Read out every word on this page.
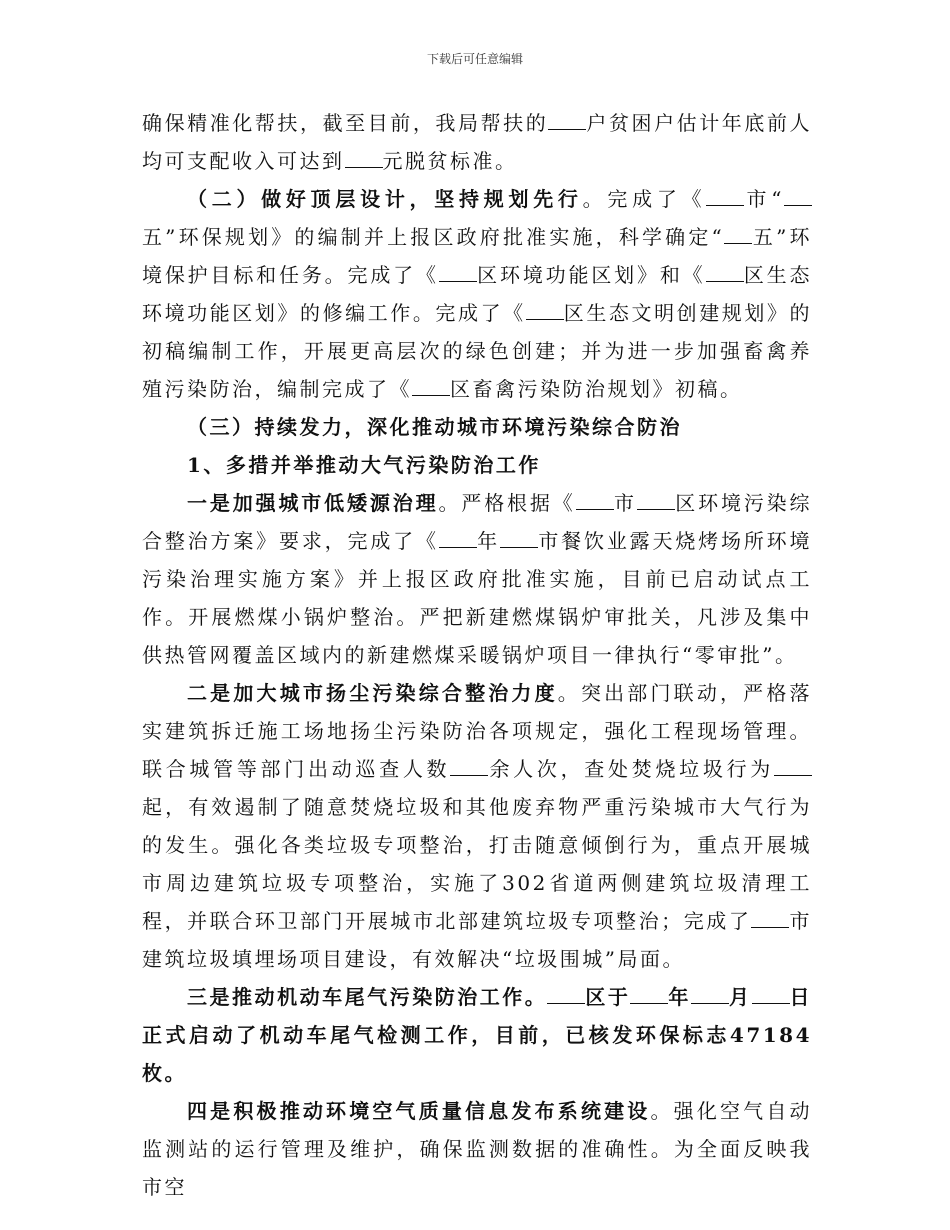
下载后可任意编辑

确保精准化帮扶，截至目前，我局帮扶的 户贫困户估计年底前人均可支配收入可达到 元脱贫标准。

（二）做好顶层设计，坚持规划先行。完成了《 市“五”环保规划》的编制并上报区政府批准实施，科学确定“ 五”环境保护目标和任务。完成了《 区环境功能区划》和《 区生态环境功能区划》的修编工作。完成了《 区生态文明创建规划》的初稿编制工作，开展更高层次的绿色创建；并为进一步加强畜禽养殖污染防治，编制完成了《 区畜禽污染防治规划》初稿。

（三）持续发力，深化推动城市环境污染综合防治

1、多措并举推动大气污染防治工作

一是加强城市低矮源治理。严格根据《 市 区环境污染综合整治方案》要求，完成了《 年 市餐饮业露天烧烤场所环境污染治理实施方案》并上报区政府批准实施，目前已启动试点工作。开展燃煤小锅炉整治。严把新建燃煤锅炉审批关，凡涉及集中供热管网覆盖区域内的新建燃煤采暖锅炉项目一律执行“零审批”。

二是加大城市扬尘污染综合整治力度。突出部门联动，严格落实建筑拆迁施工场地扬尘污染防治各项规定，强化工程现场管理。联合城管等部门出动巡查人数 余人次，查处焚烧垃圾行为起，有效遏制了随意焚烧垃圾和其他废弃物严重污染城市大气行为的发生。强化各类垃圾专项整治，打击随意倾倒行为，重点开展城市周边建筑垃圾专项整治，实施了302省道两侧建筑垃圾清理工程，并联合环卫部门开展城市北部建筑垃圾专项整治；完成了 市建筑垃圾填埋场项目建设，有效解决“垃圾围城”局面。

三是推动机动车尾气污染防治工作。 区于 年 月 日正式启动了机动车尾气检测工作，目前，已核发环保标志47184枚。

四是积极推动环境空气质量信息发布系统建设。强化空气自动监测站的运行管理及维护，确保监测数据的准确性。为全面反映我市空
